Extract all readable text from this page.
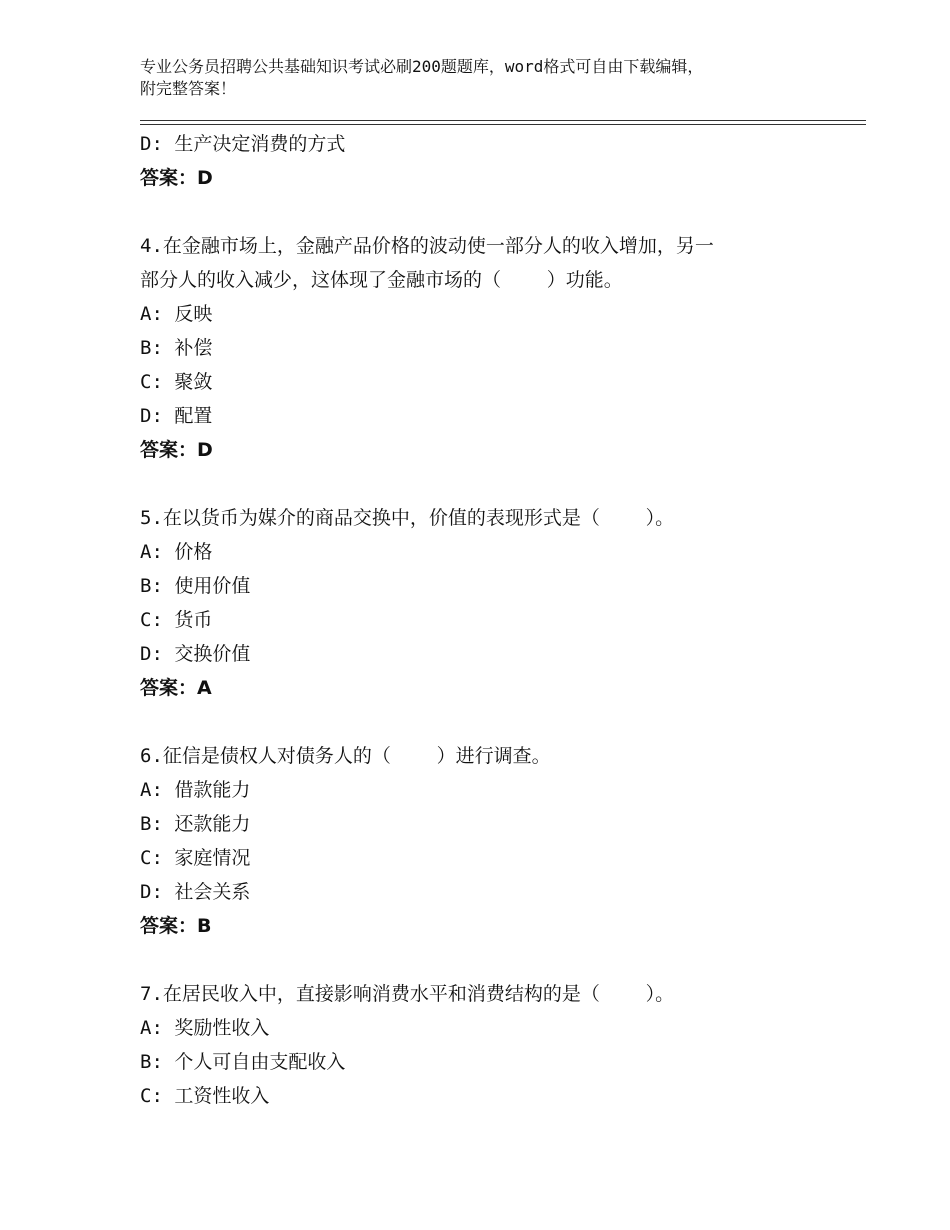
专业公务员招聘公共基础知识考试必刷200题题库，word格式可自由下载编辑，
附完整答案！
D: 生产决定消费的方式
答案：D
4.在金融市场上，金融产品价格的波动使一部分人的收入增加，另一
部分人的收入减少，这体现了金融市场的（    ）功能。
A: 反映
B: 补偿
C: 聚敛
D: 配置
答案：D
5.在以货币为媒介的商品交换中，价值的表现形式是（    ）。
A: 价格
B: 使用价值
C: 货币
D: 交换价值
答案：A
6.征信是债权人对债务人的（    ）进行调查。
A: 借款能力
B: 还款能力
C: 家庭情况
D: 社会关系
答案：B
7.在居民收入中，直接影响消费水平和消费结构的是（    ）。
A: 奖励性收入
B: 个人可自由支配收入
C: 工资性收入
